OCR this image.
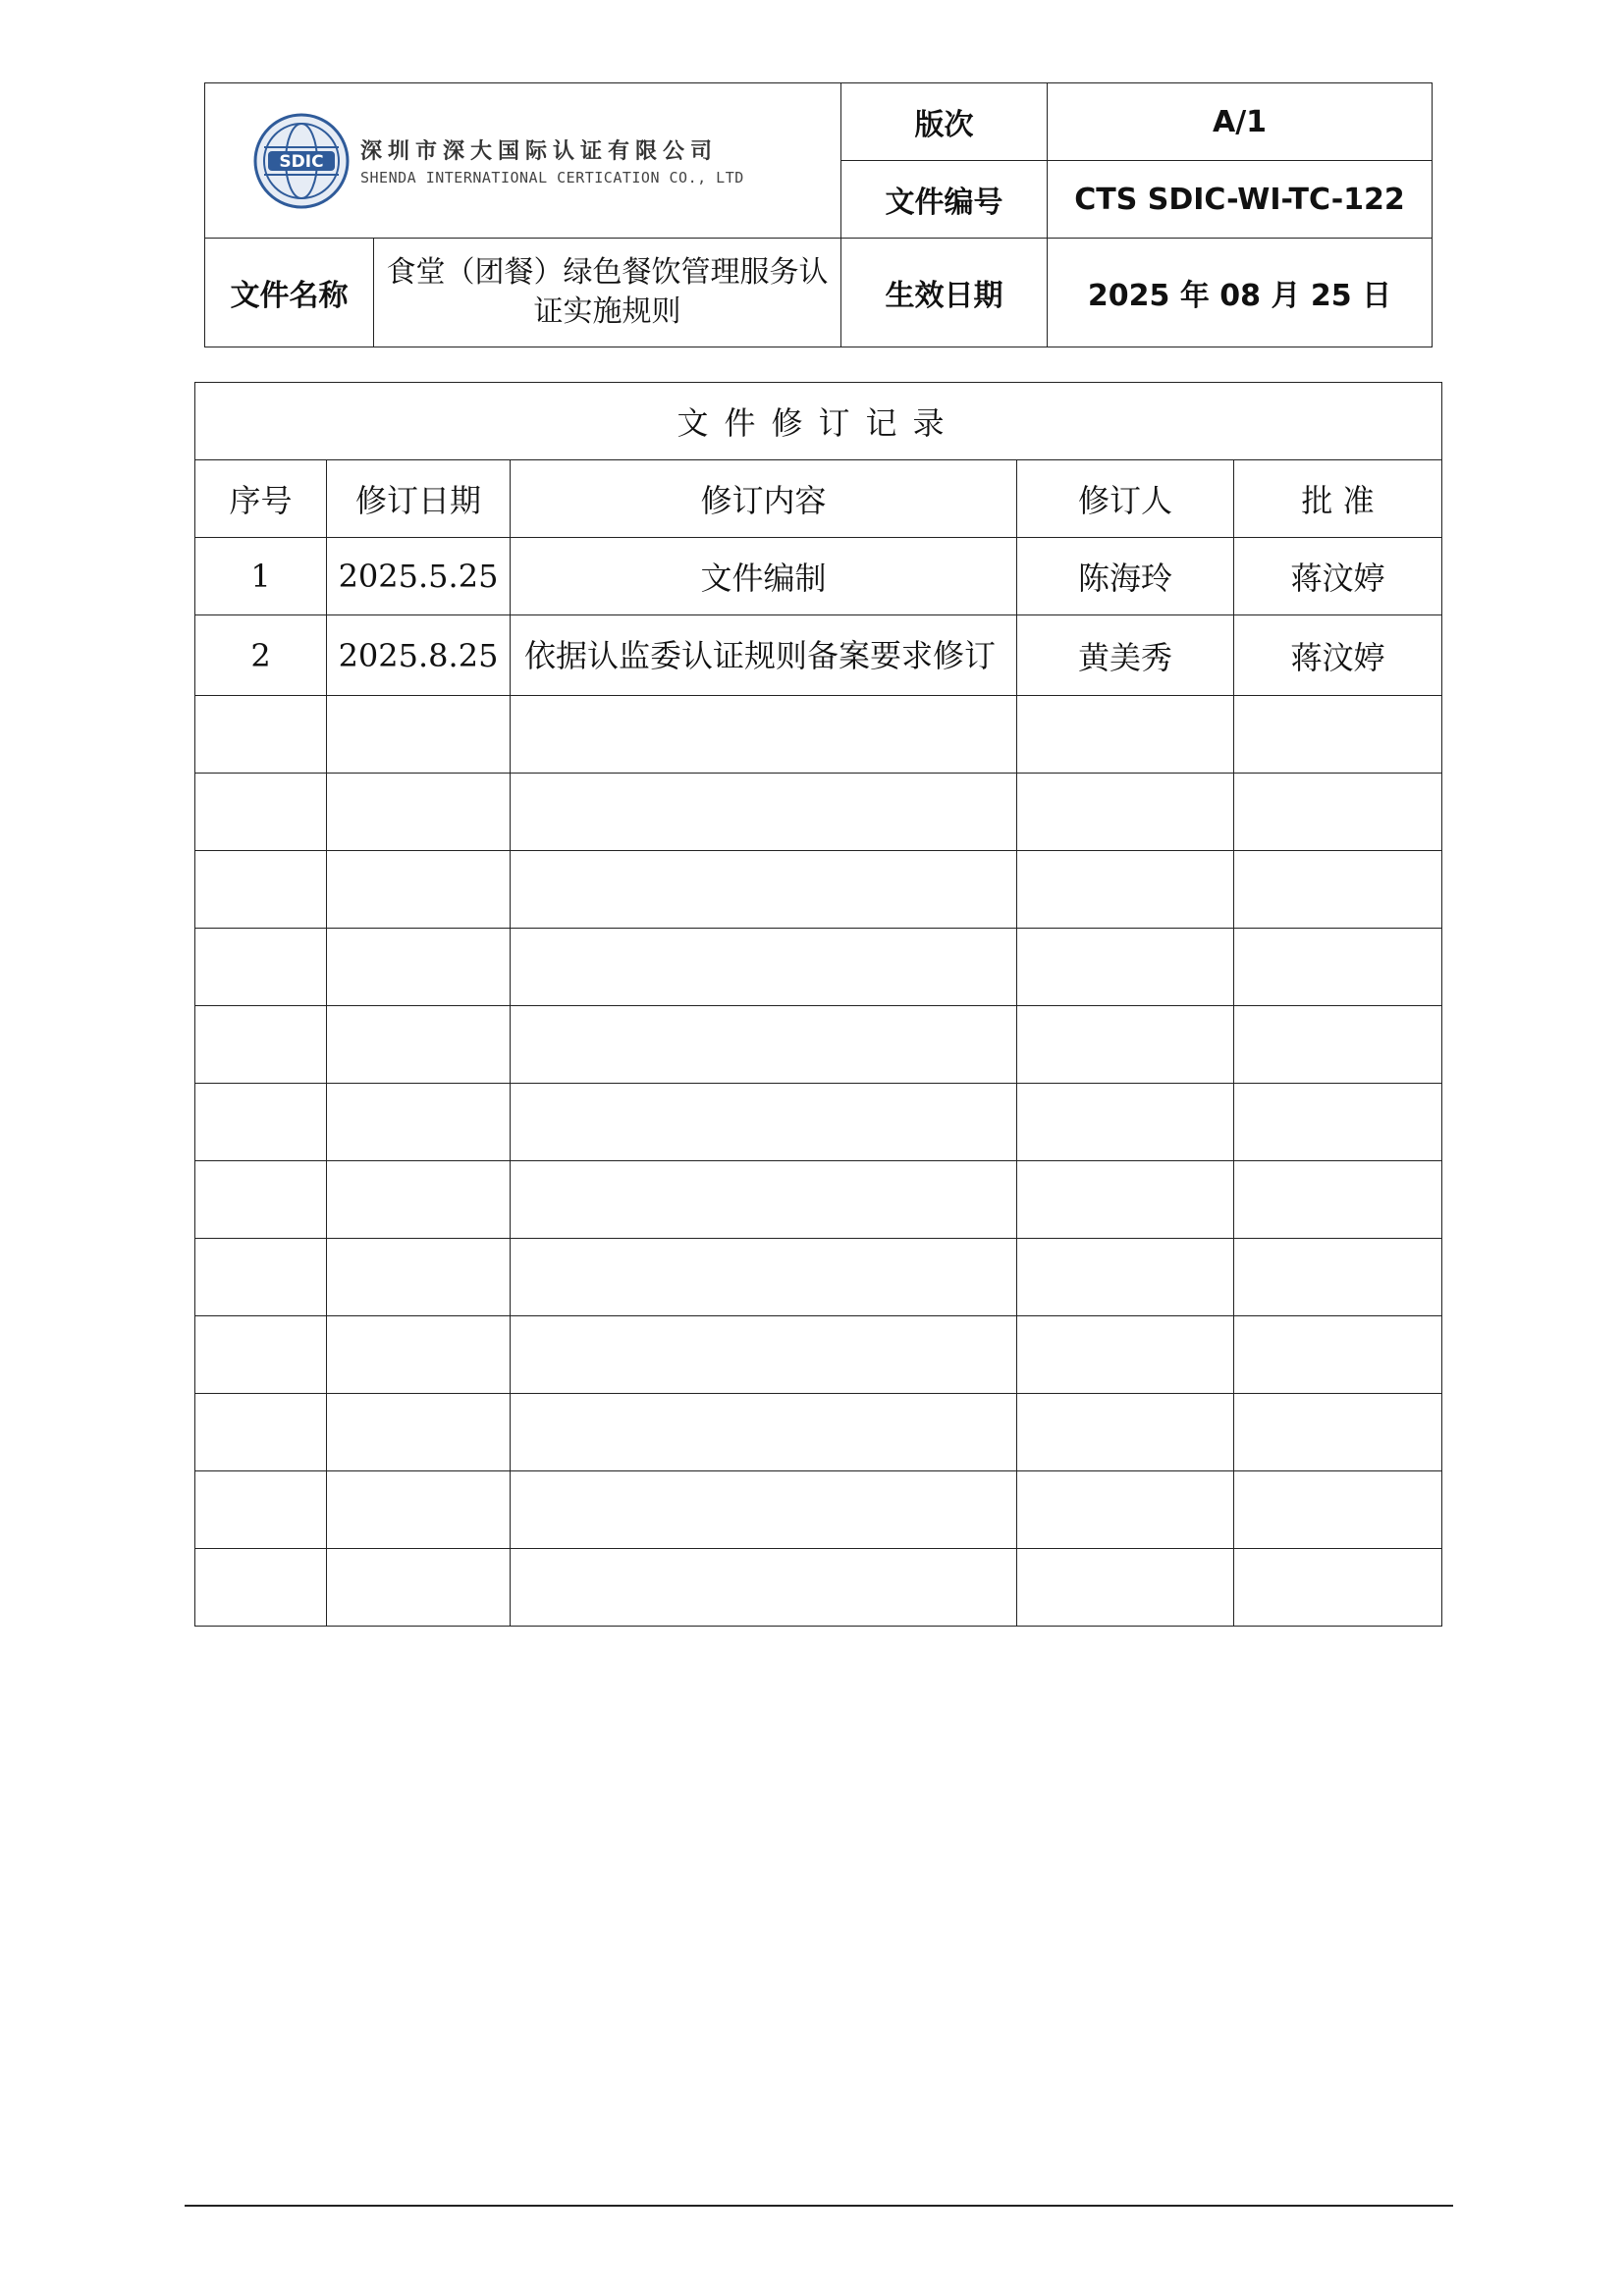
SDIC 深圳市深大国际认证有限公司
SHENDA INTERNATIONAL CERTICATION CO., LTD		版次	A/1
		文件编号	CTS SDIC-WI-TC-122
文件名称	食堂（团餐）绿色餐饮管理服务认证实施规则	生效日期	2025 年 08 月 25 日
文件修订记录				
序号	修订日期	修订内容	修订人	批 准
1	2025.5.25	文件编制	陈海玲	蒋汶婷
2	2025.8.25	依据认监委认证规则备案要求修订	黄美秀	蒋汶婷
